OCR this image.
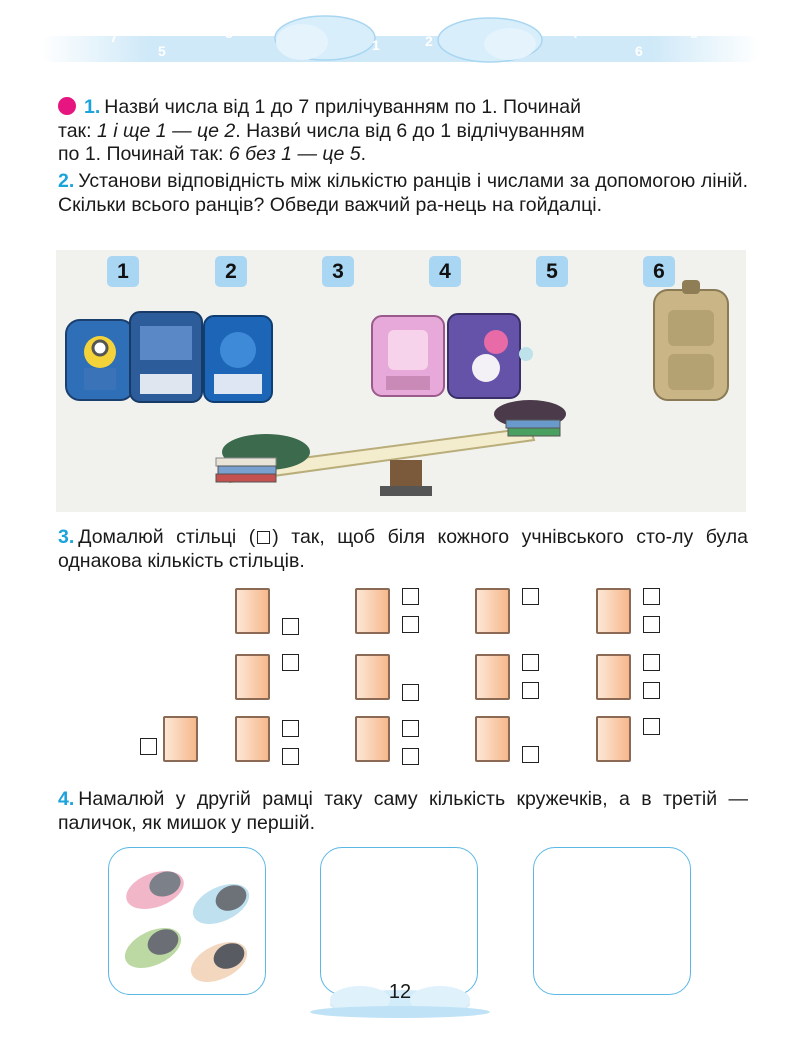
7
5
3
1
0
2	4
6
8
1. Назви́ числа від 1 до 7 прилічуванням по 1. Починай
так: 1 і ще 1 — це 2. Назви́ числа від 6 до 1 відлічуванням
по 1. Починай так: 6 без 1 — це 5.
2. Установи відповідність між кількістю ранців і числами за допомогою ліній. Скільки всього ранців? Обведи важчий ра-нець на гойдалці.
1	2	3	4	5	6
3. Домалюй стільці ( ) так, щоб біля кожного учнівського сто-лу була однакова кількість стільців.
4. Намалюй у другій рамці таку саму кількість кружечків, а в третій — паличок, як мишок у першій.
12
